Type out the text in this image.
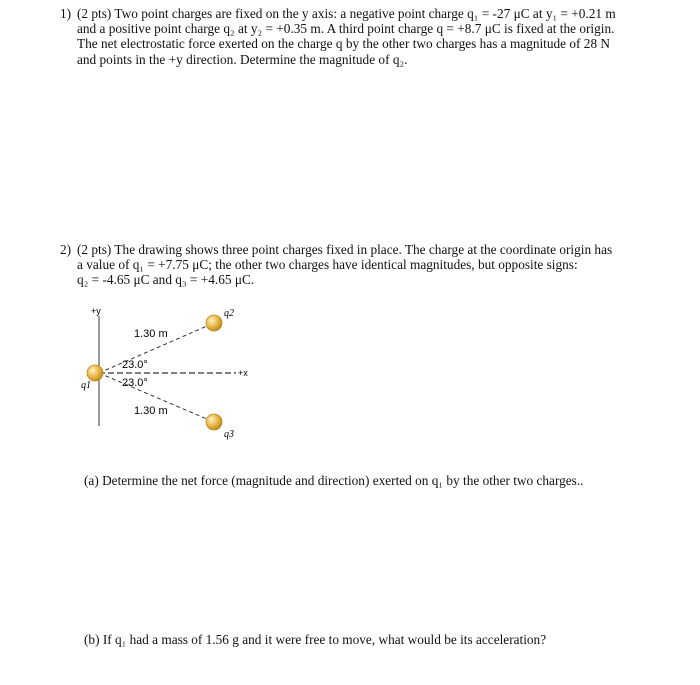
1) (2 pts) Two point charges are fixed on the y axis: a negative point charge q₁ = -27 μC at y₁ = +0.21 m
and a positive point charge q₂ at y₂ = +0.35 m. A third point charge q = +8.7 μC is fixed at the origin.
The net electrostatic force exerted on the charge q by the other two charges has a magnitude of 28 N
and points in the +y direction. Determine the magnitude of q₂.
2) (2 pts) The drawing shows three point charges fixed in place. The charge at the coordinate origin has
a value of q₁ = +7.75 μC; the other two charges have identical magnitudes, but opposite signs:
q₂ = -4.65 μC and q₃ = +4.65 μC.
+y
+x
1.30 m
1.30 m
23.0°
23.0°
q1
q2
q3
(a) Determine the net force (magnitude and direction) exerted on q₁ by the other two charges..
(b) If q₁ had a mass of 1.56 g and it were free to move, what would be its acceleration?
